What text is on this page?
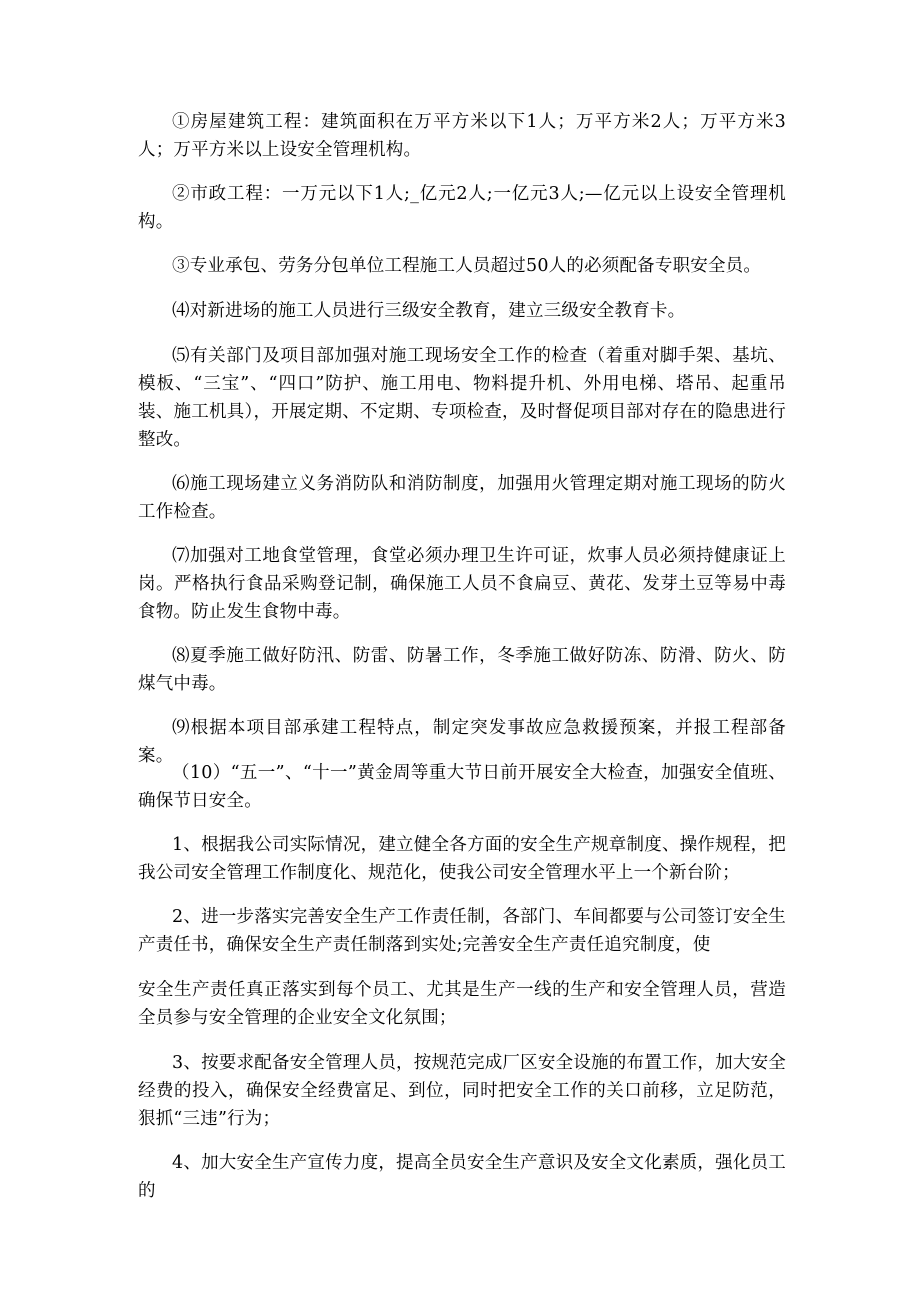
①房屋建筑工程：建筑面积在万平方米以下1人；万平方米2人；万平方米3人；万平方米以上设安全管理机构。

②市政工程：一万元以下1人;_亿元2人;一亿元3人;—亿元以上设安全管理机构。

③专业承包、劳务分包单位工程施工人员超过50人的必须配备专职安全员。

⑷对新进场的施工人员进行三级安全教育，建立三级安全教育卡。

⑸有关部门及项目部加强对施工现场安全工作的检查（着重对脚手架、基坑、模板、“三宝”、“四口”防护、施工用电、物料提升机、外用电梯、塔吊、起重吊装、施工机具），开展定期、不定期、专项检查，及时督促项目部对存在的隐患进行整改。

⑹施工现场建立义务消防队和消防制度，加强用火管理定期对施工现场的防火工作检查。

⑺加强对工地食堂管理，食堂必须办理卫生许可证，炊事人员必须持健康证上岗。严格执行食品采购登记制，确保施工人员不食扁豆、黄花、发芽土豆等易中毒食物。防止发生食物中毒。

⑻夏季施工做好防汛、防雷、防暑工作，冬季施工做好防冻、防滑、防火、防煤气中毒。

⑼根据本项目部承建工程特点，制定突发事故应急救援预案，并报工程部备案。

（10）“五一”、“十一”黄金周等重大节日前开展安全大检查，加强安全值班、确保节日安全。

1、根据我公司实际情况，建立健全各方面的安全生产规章制度、操作规程，把我公司安全管理工作制度化、规范化，使我公司安全管理水平上一个新台阶；

2、进一步落实完善安全生产工作责任制，各部门、车间都要与公司签订安全生产责任书，确保安全生产责任制落到实处;完善安全生产责任追究制度，使

安全生产责任真正落实到每个员工、尤其是生产一线的生产和安全管理人员，营造全员参与安全管理的企业安全文化氛围；

3、按要求配备安全管理人员，按规范完成厂区安全设施的布置工作，加大安全经费的投入，确保安全经费富足、到位，同时把安全工作的关口前移，立足防范，狠抓“三违”行为；

4、加大安全生产宣传力度，提高全员安全生产意识及安全文化素质，强化员工的
